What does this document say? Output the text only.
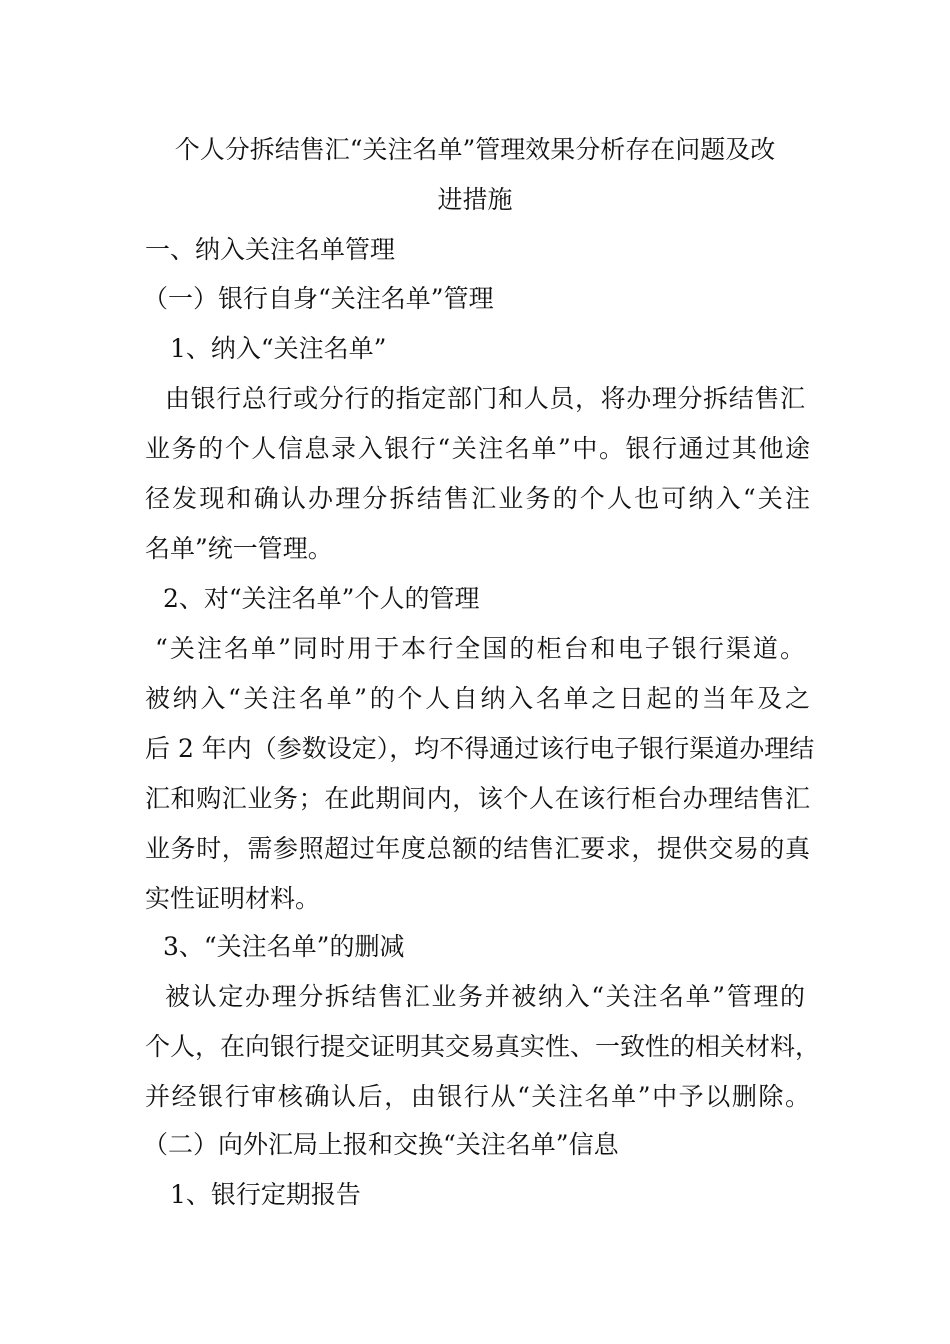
个人分拆结售汇“关注名单”管理效果分析存在问题及改
进措施

一、纳入关注名单管理

（一）银行自身“关注名单”管理

1、纳入“关注名单”

由银行总行或分行的指定部门和人员，将办理分拆结售汇

业务的个人信息录入银行“关注名单”中。银行通过其他途

径发现和确认办理分拆结售汇业务的个人也可纳入“关注

名单”统一管理。

2、对“关注名单”个人的管理

“关注名单”同时用于本行全国的柜台和电子银行渠道。

被纳入“关注名单”的个人自纳入名单之日起的当年及之

后 2 年内（参数设定），均不得通过该行电子银行渠道办理结

汇和购汇业务；在此期间内，该个人在该行柜台办理结售汇

业务时，需参照超过年度总额的结售汇要求，提供交易的真

实性证明材料。

3、“关注名单”的删减

被认定办理分拆结售汇业务并被纳入“关注名单”管理的

个人，在向银行提交证明其交易真实性、一致性的相关材料，

并经银行审核确认后，由银行从“关注名单”中予以删除。

（二）向外汇局上报和交换“关注名单”信息

1、银行定期报告
